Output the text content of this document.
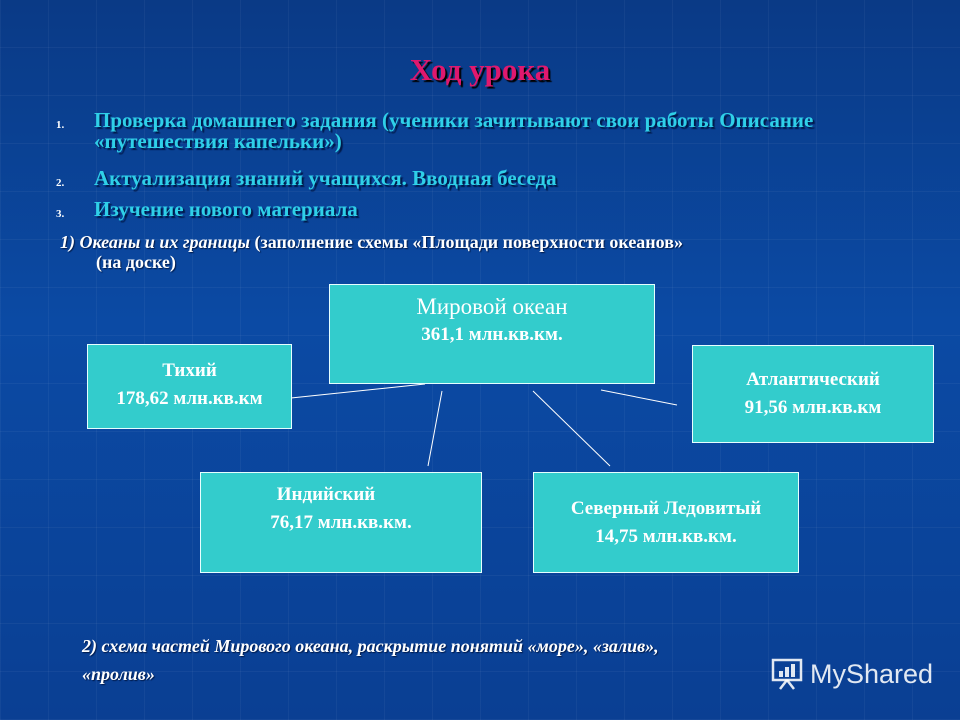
Ход урока
1. Проверка домашнего задания (ученики зачитывают свои работы Описание «путешествия капельки»)
2. Актуализация знаний учащихся. Вводная беседа
3. Изучение нового материала
1) Океаны и их границы (заполнение схемы «Площади поверхности океанов»
(на доске)
Мировой океан
361,1 млн.кв.км.
Тихий
178,62 млн.кв.км
Атлантический
91,56 млн.кв.км
Индийский
76,17 млн.кв.км.
Северный Ледовитый
14,75 млн.кв.км.
2) схема частей Мирового океана, раскрытие понятий «море», «залив»,
«пролив»	MyShared
